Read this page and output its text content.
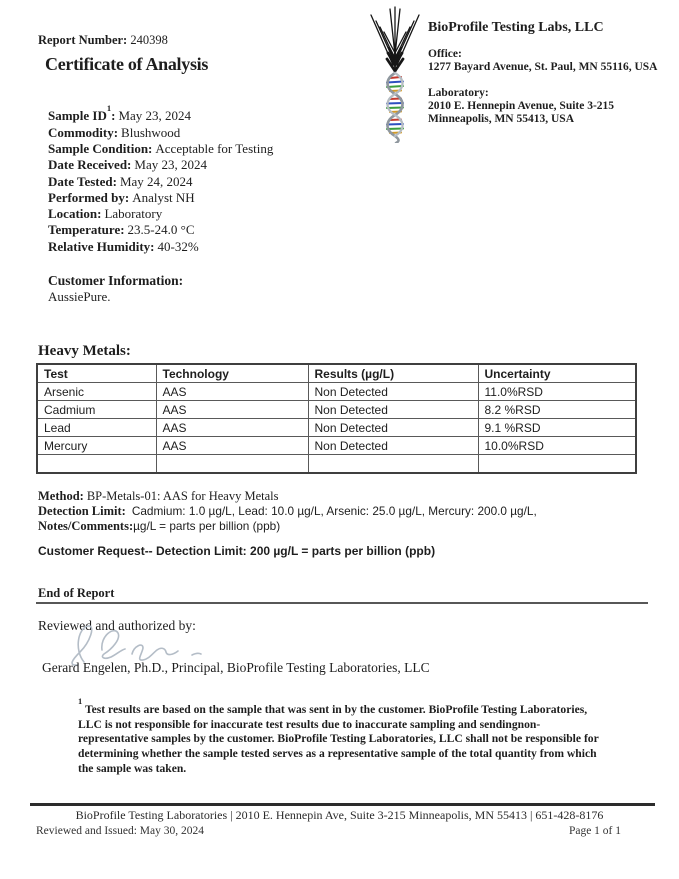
Report Number: 240398
Certificate of Analysis
BioProfile Testing Labs, LLC
Office:
1277 Bayard Avenue, St. Paul, MN 55116, USA
Laboratory:
2010 E. Hennepin Avenue, Suite 3-215
Minneapolis, MN 55413, USA
Sample $ID^1$: May 23, 2024
Commodity: Blushwood
Sample Condition: Acceptable for Testing
Date Received: May 23, 2024
Date Tested: May 24, 2024
Performed by: Analyst NH
Location: Laboratory
Temperature: 23.5-24.0 °C
Relative Humidity: 40-32%
Customer Information:
AussiePure.
Heavy Metals:
Test	Technology	Results (µg/L)	Uncertainty
Arsenic	AAS	Non Detected	11.0%RSD
Cadmium	AAS	Non Detected	8.2 %RSD
Lead	AAS	Non Detected	9.1 %RSD
Mercury	AAS	Non Detected	10.0%RSD

Method: BP-Metals-01: AAS for Heavy Metals
Detection Limit: Cadmium: 1.0 µg/L, Lead: 10.0 µg/L, Arsenic: 25.0 µg/L, Mercury: 200.0 µg/L,
Notes/Comments:µg/L = parts per billion (ppb)
Customer Request-- Detection Limit: 200 µg/L = parts per billion (ppb)
End of Report
Reviewed and authorized by:
Gerard Engelen, Ph.D., Principal, BioProfile Testing Laboratories, LLC
$^1$ Test results are based on the sample that was sent in by the customer. BioProfile Testing Laboratories, LLC is not responsible for inaccurate test results due to inaccurate sampling and sendingnon-representative samples by the customer. BioProfile Testing Laboratories, LLC shall not be responsible for determining whether the sample tested serves as a representative sample of the total quantity from which the sample was taken.
BioProfile Testing Laboratories | 2010 E. Hennepin Ave, Suite 3-215 Minneapolis, MN 55413 | 651-428-8176
Reviewed and Issued: May 30, 2024	Page 1 of 1
